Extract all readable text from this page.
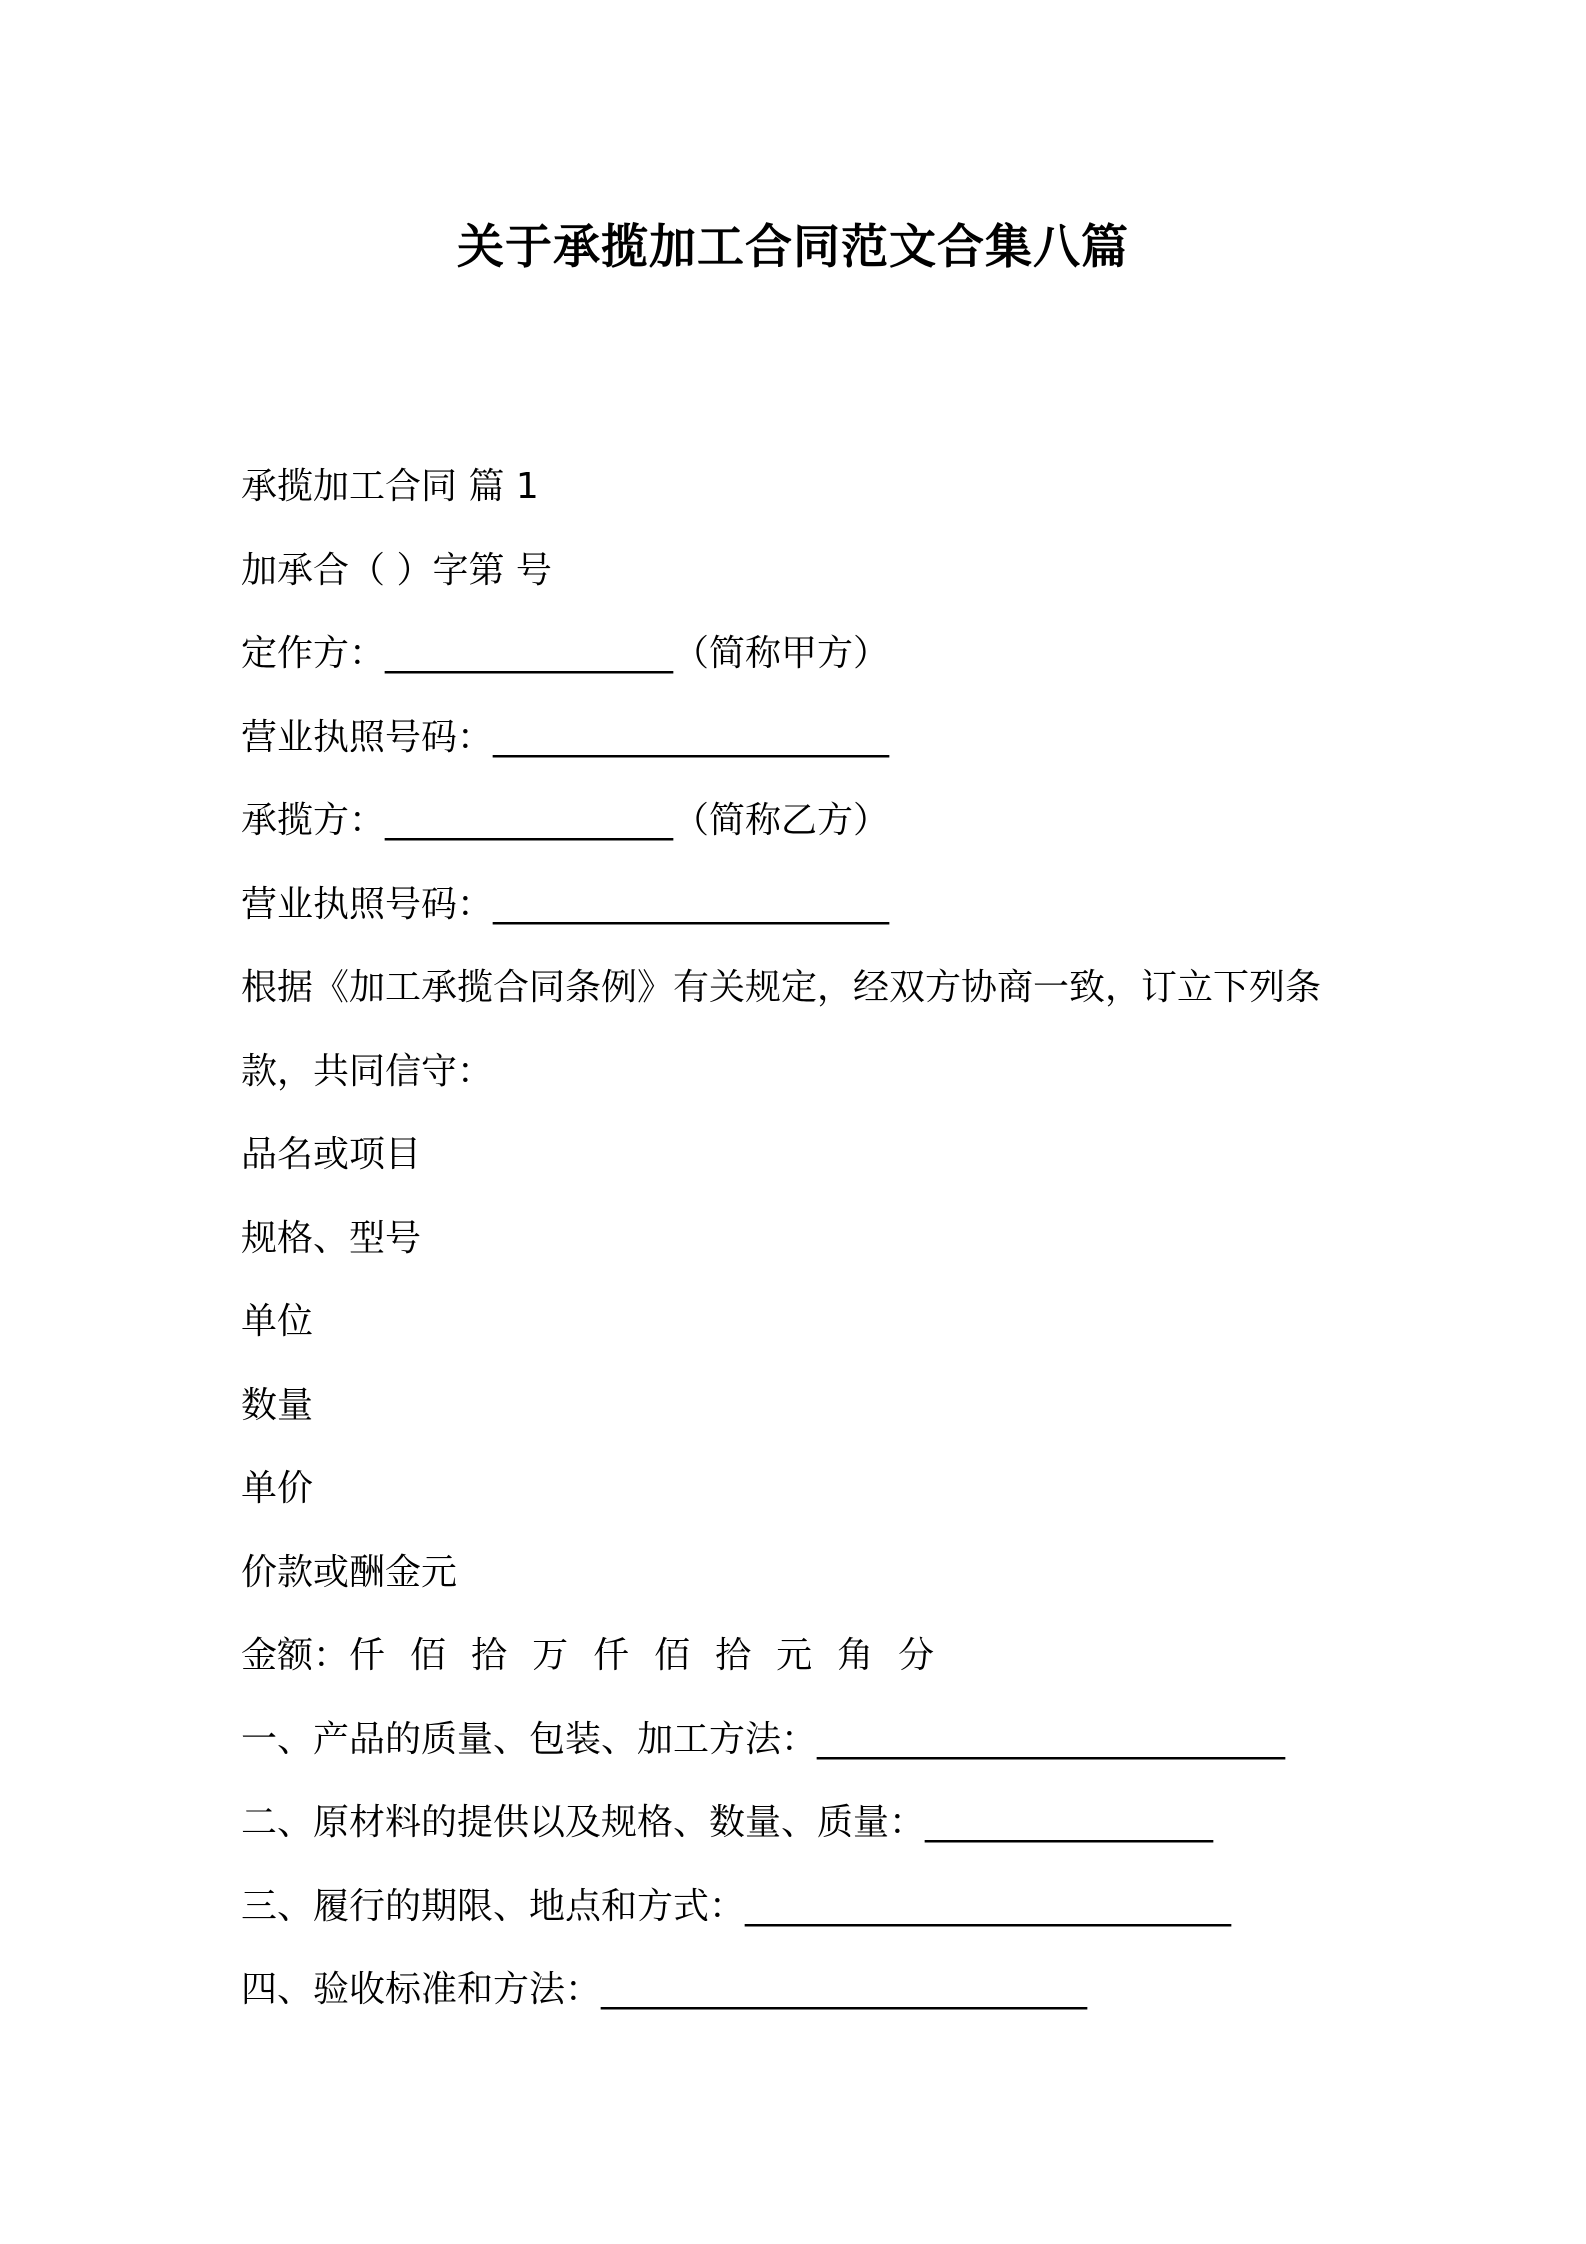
关于承揽加工合同范文合集八篇
承揽加工合同 篇 1
加承合（ ）字第 号
定作方：________________（简称甲方）
营业执照号码：______________________
承揽方：________________（简称乙方）
营业执照号码：______________________
根据《加工承揽合同条例》有关规定，经双方协商一致，订立下列条
款，共同信守：
品名或项目
规格、型号
单位
数量
单价
价款或酬金元
金额：仟 佰 拾 万 仟 佰 拾 元 角 分
一、产品的质量、包装、加工方法：__________________________
二、原材料的提供以及规格、数量、质量：________________
三、履行的期限、地点和方式：___________________________
四、验收标准和方法：___________________________
